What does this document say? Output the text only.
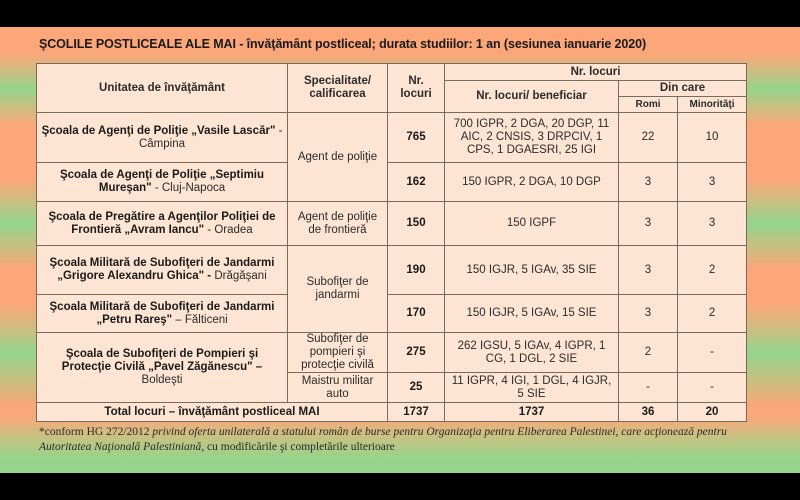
ŞCOLILE POSTLICEALE ALE MAI - învăţământ postliceal; durata studiilor: 1 an (sesiunea ianuarie 2020)
Unitatea de învăţământ	Specialitate/ calificarea	Nr. locuri	Nr. locuri		
			Nr. locuri/ beneficiar	Din care	
				Romi	Minorităţi
Şcoala de Agenţi de Poliţie „Vasile Lascăr" - Câmpina	Agent de poliţie	765	700 IGPR, 2 DGA, 20 DGP, 11 AIC, 2 CNSIS, 3 DRPCIV, 1 CPS, 1 DGAESRI, 25 IGI	22	10
Şcoala de Agenţi de Poliţie „Septimiu Mureşan" - Cluj-Napoca		162	150 IGPR, 2 DGA, 10 DGP	3	3
Şcoala de Pregătire a Agenţilor Poliţiei de Frontieră „Avram Iancu" - Oradea	Agent de poliţie de frontieră	150	150 IGPF	3	3
Şcoala Militară de Subofiţeri de Jandarmi „Grigore Alexandru Ghica" - Drăgăşani	Subofiţer de jandarmi	190	150 IGJR, 5 IGAv, 35 SIE	3	2
Şcoala Militară de Subofiţeri de Jandarmi „Petru Rareş" – Fălticeni		170	150 IGJR, 5 IGAv, 15 SIE	3	2
Şcoala de Subofiţeri de Pompieri şi Protecţie Civilă „Pavel Zăgănescu" –
Boldeşti	Subofiţer de pompieri şi protecţie civilă	275	262 IGSU, 5 IGAv, 4 IGPR, 1 CG, 1 DGL, 2 SIE	2	-
	Maistru militar auto	25	11 IGPR, 4 IGI, 1 DGL, 4 IGJR, 5 SIE	-	-
Total locuri – învăţământ postliceal MAI		1737	1737	36	20
*conform HG 272/2012 privind oferta unilaterală a statului român de burse pentru Organizaţia pentru Eliberarea Palestinei, care acţionează pentru Autoritatea Naţională Palestiniană, cu modificările şi completările ulterioare
